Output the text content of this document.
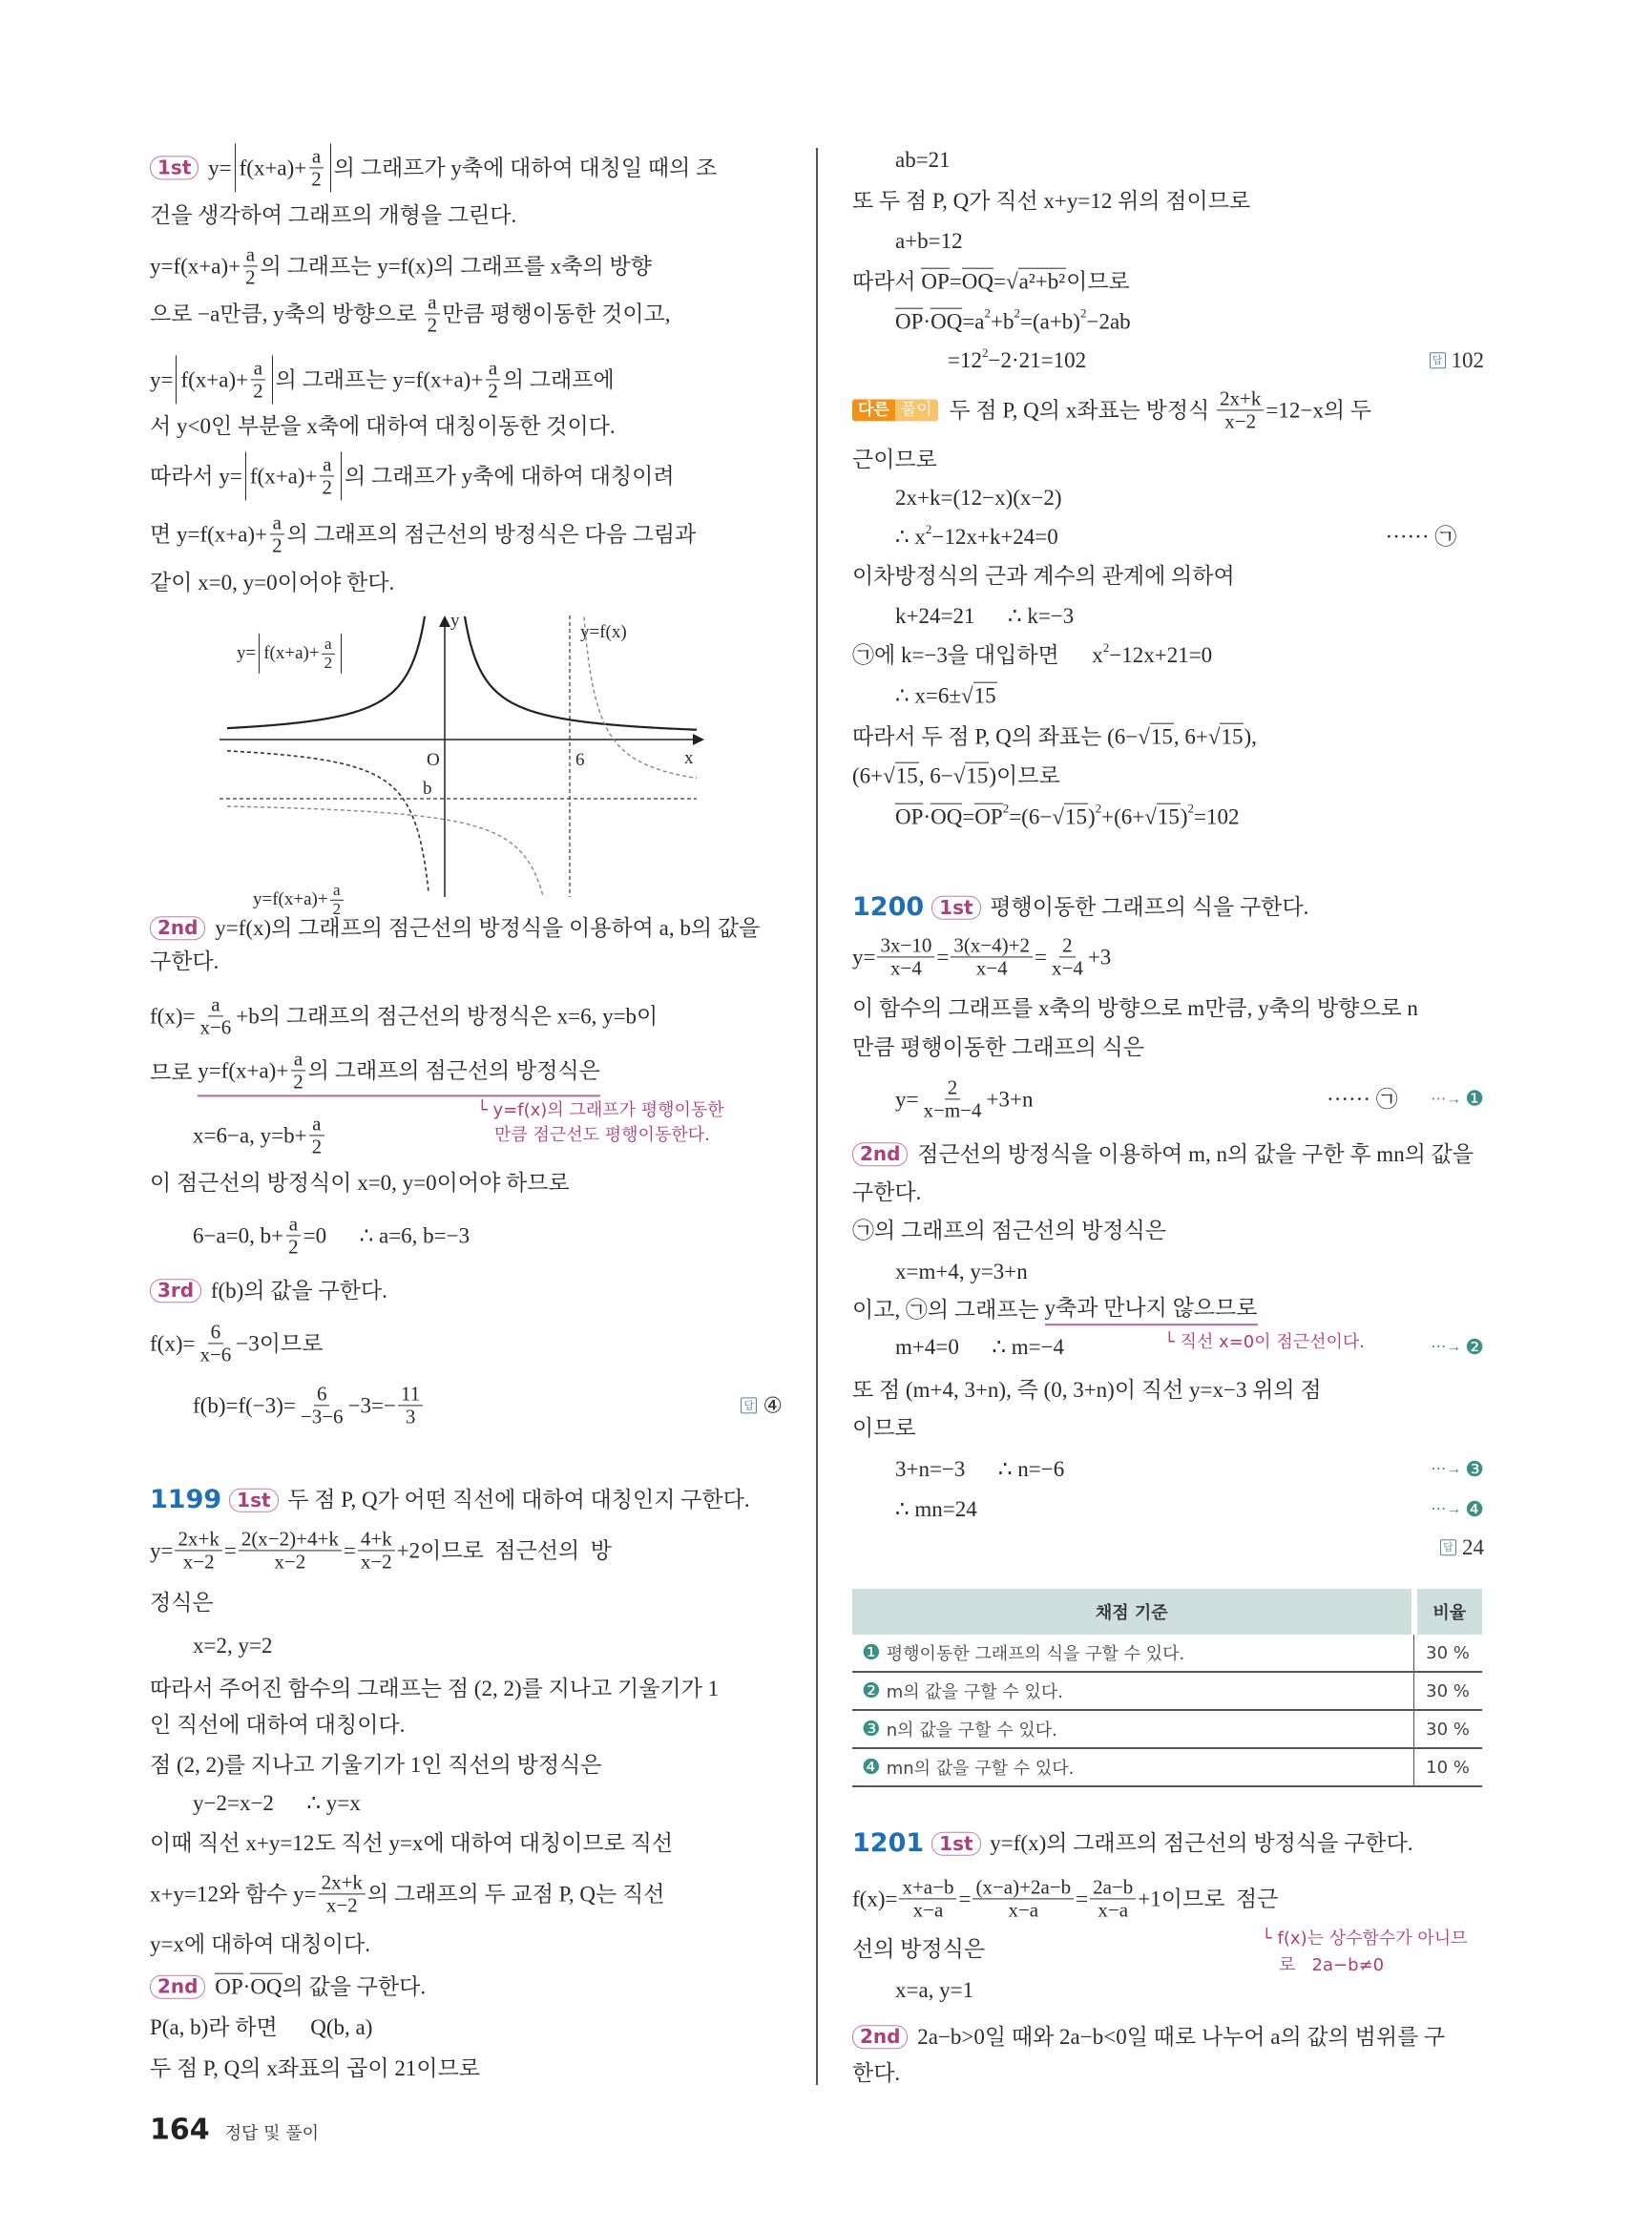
1st $y= f(x+a)+ \frac{a}{2}$ 의 그래프가 y축에 대하여 대칭일 때의 조
건을 생각하여 그래프의 개형을 그린다.
$y=f(x+a)+ \frac{a}{2}$ 의 그래프는 y=f(x)의 그래프를 x축의 방향
으로 −a만큼, y축의 방향으로 $\frac{a}{2}$ 만큼 평행이동한 것이고,
$y= f(x+a)+ \frac{a}{2}$ 의 그래프는 $y=f(x+a)+ \frac{a}{2}$ 의 그래프에
서 y<0인 부분을 x축에 대하여 대칭이동한 것이다.
따라서 $y= f(x+a)+ \frac{a}{2}$ 의 그래프가 y축에 대하여 대칭이려
면 $y=f(x+a)+ \frac{a}{2}$ 의 그래프의 점근선의 방정식은 다음 그림과
같이 x=0, y=0이어야 한다.
2nd y=f(x)의 그래프의 점근선의 방정식을 이용하여 a, b의 값을
구한다.
$f(x)= \frac{a}{x-6} +b$의 그래프의 점근선의 방정식은 x=6, y=b이
므로 $y=f(x+a)+ \frac{a}{2}$ 의 그래프의 점근선의 방정식은
x=6−a, $y=b+ \frac{a}{2}$
이 점근선의 방정식이 x=0, y=0이어야 하므로
6−a=0, $b+ \frac{a}{2} =0$      ∴ a=6, b=−3
3rd f(b)의 값을 구한다.
$f(x)= \frac{6}{x-6} -3$이므로
$f(b)=f(-3)= \frac{6}{-3-6} -3=- \frac{11}{3}$	답 ④
1199 1st 두 점 P, Q가 어떤 직선에 대하여 대칭인지 구한다.
$y= \frac{2x+k}{x-2} = \frac{2(x-2)+4+k}{x-2} = \frac{4+k}{x-2} +2$이므로  점근선의  방
정식은
x=2, y=2
따라서 주어진 함수의 그래프는 점 (2, 2)를 지나고 기울기가 1
인 직선에 대하여 대칭이다.
점 (2, 2)를 지나고 기울기가 1인 직선의 방정식은
y−2=x−2      ∴ y=x
이때 직선 x+y=12도 직선 y=x에 대하여 대칭이므로 직선
x+y=12와 함수 $y= \frac{2x+k}{x-2}$ 의 그래프의 두 교점 P, Q는 직선
y=x에 대하여 대칭이다.
2nd
OP · OQ 의 값을 구한다.
P(a, b)라 하면      Q(b, a)
두 점 P, Q의 x좌표의 곱이 21이므로
└ y=f(x)의 그래프가 평행이동한
만큼 점근선도 평행이동한다.
ab=21
또 두 점 P, Q가 직선 x+y=12 위의 점이므로
a+b=12
따라서 OP = OQ = √ a²+b² 이므로
OP · OQ =a 2 +b 2 =(a+b) 2 −2ab
=12 2 −2·21=102	답 102
다른 풀이 두 점 P, Q의 x좌표는 방정식 $\frac{2x+k}{x-2} =12-x$의 두
근이므로
2x+k=(12−x)(x−2)
∴ x 2 −12x+k+24=0	······ ㉠
이차방정식의 근과 계수의 관계에 의하여
k+24=21      ∴ k=−3
㉠에 k=−3을 대입하면      x 2 −12x+21=0
∴ x=6± √ 15
따라서 두 점 P, Q의 좌표는 (6− √ 15 , 6+ √ 15 ),
(6+ √ 15 , 6− √ 15 )이므로
OP · OQ = OP 2 =(6− √ 15 ) 2 +(6+ √ 15 ) 2 =102
1200 1st 평행이동한 그래프의 식을 구한다.
$y= \frac{3x-10}{x-4} = \frac{3(x-4)+2}{x-4} = \frac{2}{x-4} +3$
이 함수의 그래프를 x축의 방향으로 m만큼, y축의 방향으로 n
만큼 평행이동한 그래프의 식은
$y= \frac{2}{x-m-4} +3+n$	······ ㉠ ⋯→ ❶
2nd 점근선의 방정식을 이용하여 m, n의 값을 구한 후 mn의 값을
구한다.
㉠의 그래프의 점근선의 방정식은
x=m+4, y=3+n
이고, ㉠의 그래프는 y축과 만나지 않으므로
m+4=0      ∴ m=−4	⋯→ ❷
또 점 (m+4, 3+n), 즉 (0, 3+n)이 직선 y=x−3 위의 점
이므로
3+n=−3      ∴ n=−6	⋯→ ❸
∴ mn=24	⋯→ ❹
답 24
1201 1st y=f(x)의 그래프의 점근선의 방정식을 구한다.
$f(x)= \frac{x+a-b}{x-a} = \frac{(x-a)+2a-b}{x-a} = \frac{2a-b}{x-a} +1$이므로  점근
선의 방정식은
x=a, y=1
2nd 2a−b>0일 때와 2a−b<0일 때로 나누어 a의 값의 범위를 구
한다.
└ 직선 x=0이 점근선이다.
└ f(x)는 상수함수가 아니므
로   2a−b≠0
$y= f(x+a)+ \frac{a}{2}$
y=f(x)
$y=f(x+a)+ \frac{a}{2}$
O	6	x
y
b
채점 기준	비율
❶ 평행이동한 그래프의 식을 구할 수 있다.	30 %
❷ m의 값을 구할 수 있다.	30 %
❸ n의 값을 구할 수 있다.	30 %
❹ mn의 값을 구할 수 있다.	10 %
164 정답 및 풀이
